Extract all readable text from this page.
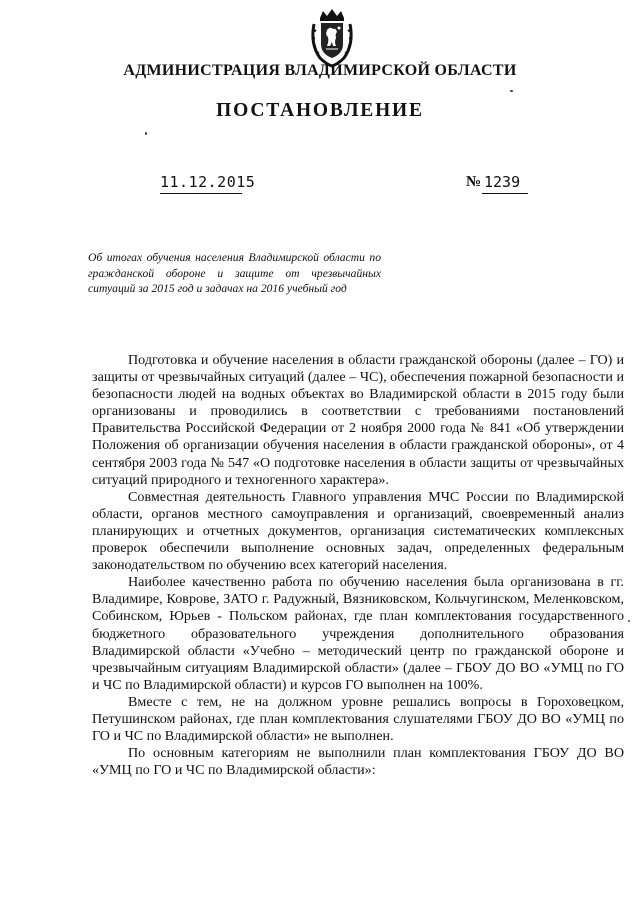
АДМИНИСТРАЦИЯ ВЛАДИМИРСКОЙ ОБЛАСТИ
ПОСТАНОВЛЕНИЕ
11.12.2015	№ 1239
Об итогах обучения населения Владимирской области по гражданской обороне и защите от чрезвычайных ситуаций за 2015 год и задачах на 2016 учебный год

Подготовка и обучение населения в области гражданской обороны (далее – ГО) и защиты от чрезвычайных ситуаций (далее – ЧС), обеспечения пожарной безопасности и безопасности людей на водных объектах во Владимирской области в 2015 году были организованы и проводились в соответствии с требованиями постановлений Правительства Российской Федерации от 2 ноября 2000 года № 841 «Об утверждении Положения об организации обучения населения в области гражданской обороны», от 4 сентября 2003 года № 547 «О подготовке населения в области защиты от чрезвычайных ситуаций природного и техногенного характера».

Совместная деятельность Главного управления МЧС России по Владимирской области, органов местного самоуправления и организаций, своевременный анализ планирующих и отчетных документов, организация систематических комплексных проверок обеспечили выполнение основных задач, определенных федеральным законодательством по обучению всех категорий населения.

Наиболее качественно работа по обучению населения была организована в гг. Владимире, Коврове, ЗАТО г. Радужный, Вязниковском, Кольчугинском, Меленковском, Собинском, Юрьев - Польском районах, где план комплектования государственного бюджетного образовательного учреждения дополнительного образования Владимирской области «Учебно – методический центр по гражданской обороне и чрезвычайным ситуациям Владимирской области» (далее – ГБОУ ДО ВО «УМЦ по ГО и ЧС по Владимирской области) и курсов ГО выполнен на 100%.

Вместе с тем, не на должном уровне решались вопросы в Гороховецком, Петушинском районах, где план комплектования слушателями ГБОУ ДО ВО «УМЦ по ГО и ЧС по Владимирской области» не выполнен.

По основным категориям не выполнили план комплектования ГБОУ ДО ВО «УМЦ по ГО и ЧС по Владимирской области»:
